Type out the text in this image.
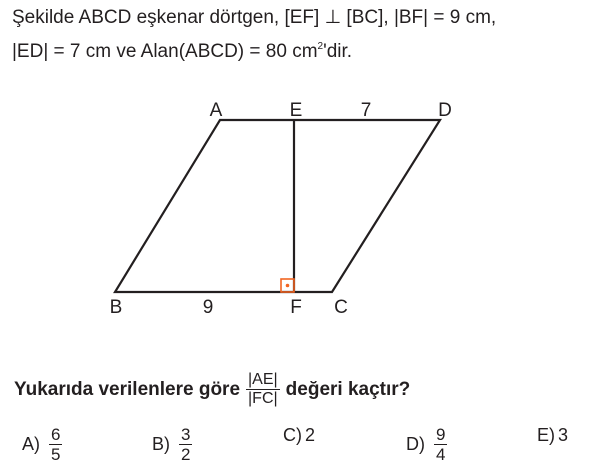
Şekilde ABCD eşkenar dörtgen, [EF] ⊥ [BC], |BF| = 9 cm,
|ED| = 7 cm ve Alan(ABCD) = 80 $cm^2'dir$.
A	E	7	D
B	9	F C
Yukarıda verilenlere göre $\frac{|AE|}{|FC|}$ değeri kaçtır?
$A) \frac{6}{5}$	$B) \frac{3}{2}$	C) 2	$D) \frac{9}{4}$	E) 3
